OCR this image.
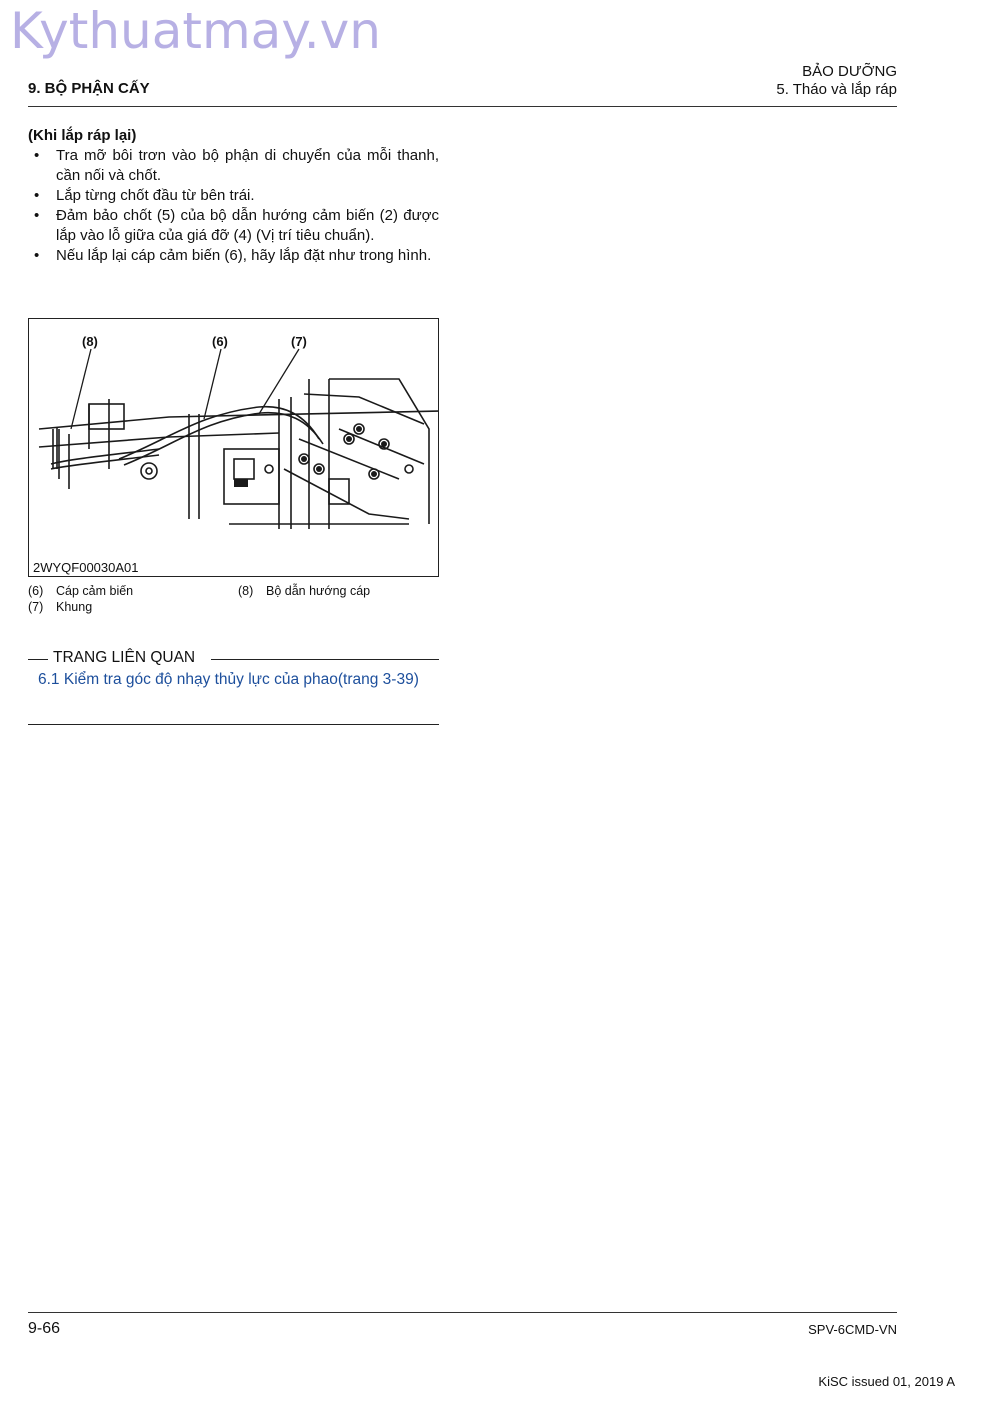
Kythuatmay.vn
BẢO DƯỠNG
5. Tháo và lắp ráp
9. BỘ PHẬN CẤY
(Khi lắp ráp lại)
• Tra mỡ bôi trơn vào bộ phận di chuyển của mỗi thanh, cần nối và chốt.
• Lắp từng chốt đầu từ bên trái.
• Đảm bảo chốt (5) của bộ dẫn hướng cảm biến (2) được lắp vào lỗ giữa của giá đỡ (4) (Vị trí tiêu chuẩn).
• Nếu lắp lại cáp cảm biến (6), hãy lắp đặt như trong hình.
(8)	(6)	(7)
2WYQF00030A01
(6) Cáp cảm biến
(7) Khung
(8) Bộ dẫn hướng cáp
TRANG LIÊN QUAN
6.1 Kiểm tra góc độ nhạy thủy lực của phao(trang 3-39)
9-66	SPV-6CMD-VN
KiSC issued 01, 2019 A
